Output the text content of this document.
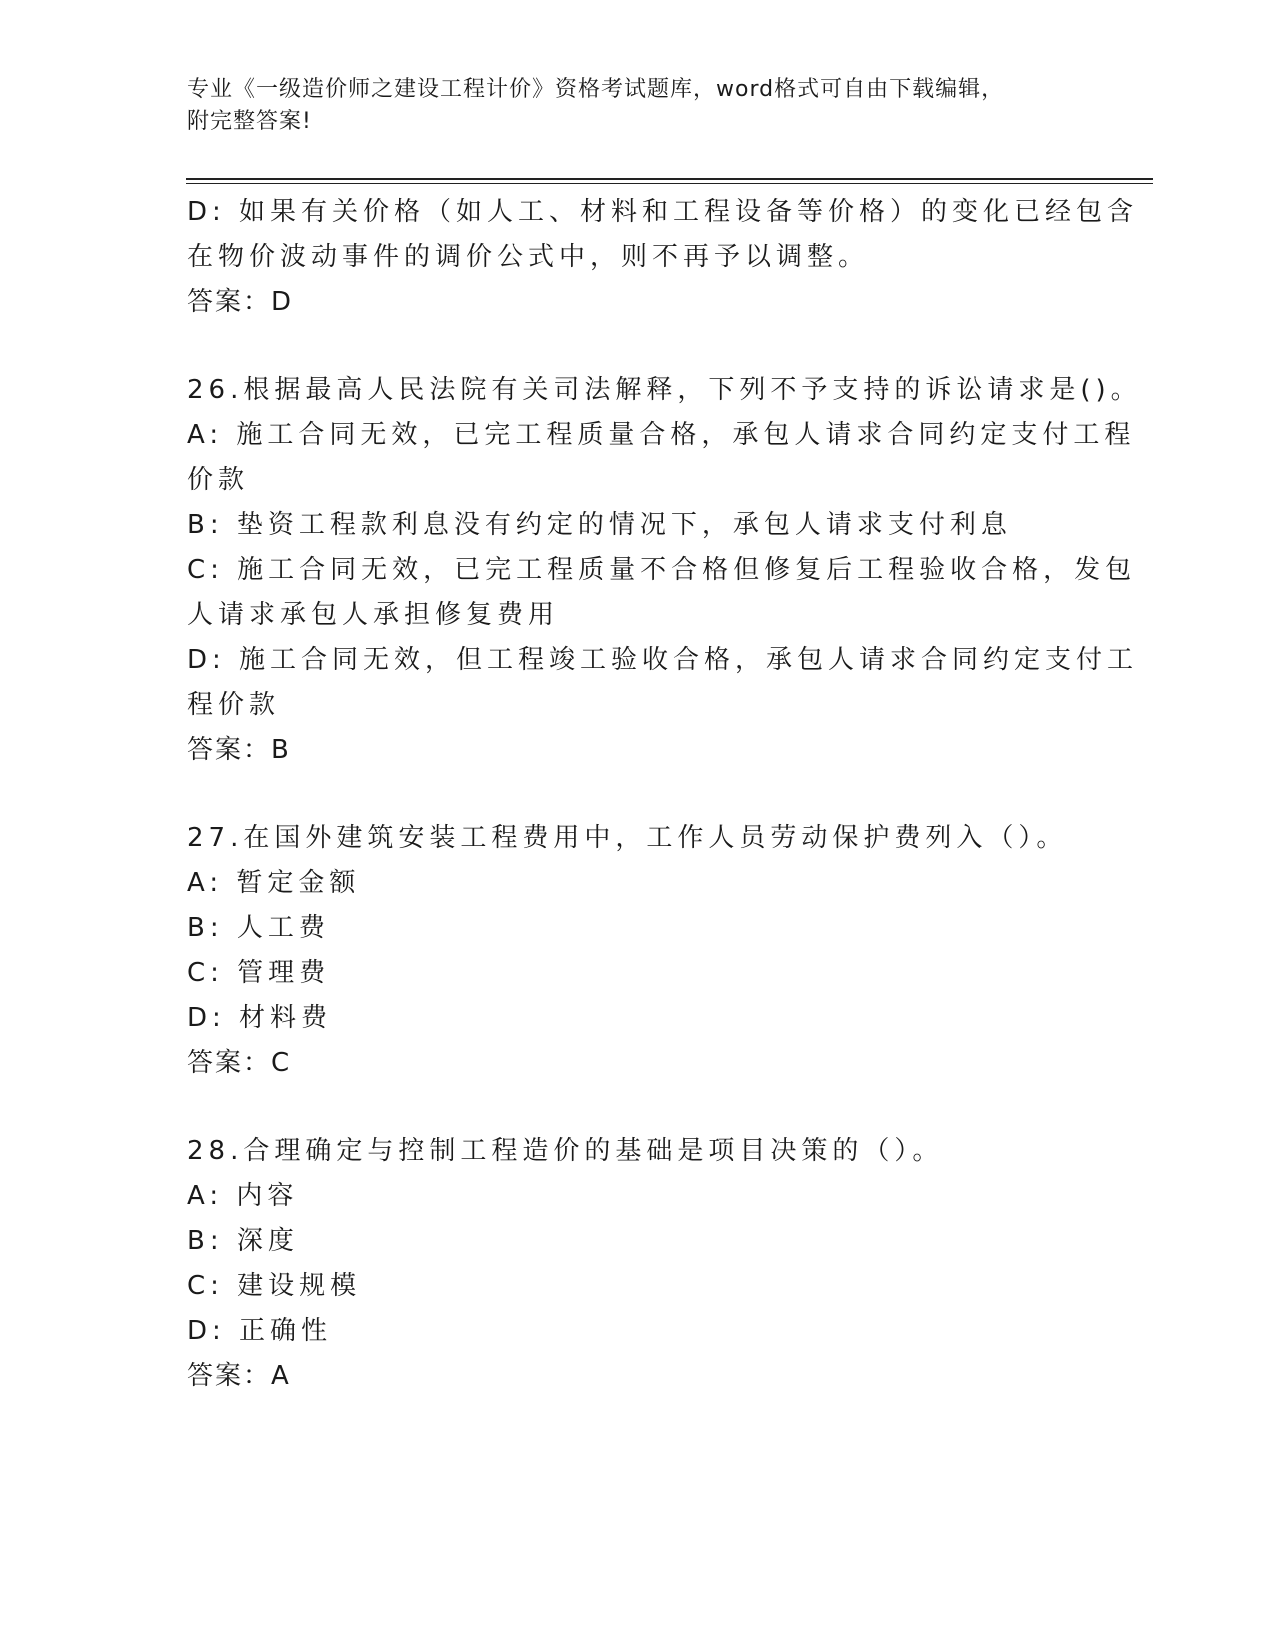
专业《一级造价师之建设工程计价》资格考试题库，word格式可自由下载编辑，
附完整答案!
D: 如果有关价格（如人工、材料和工程设备等价格）的变化已经包含
在物价波动事件的调价公式中，则不再予以调整。
答案：D
26.根据最高人民法院有关司法解释，下列不予支持的诉讼请求是()。
A: 施工合同无效，已完工程质量合格，承包人请求合同约定支付工程
价款
B: 垫资工程款利息没有约定的情况下，承包人请求支付利息
C: 施工合同无效，已完工程质量不合格但修复后工程验收合格，发包
人请求承包人承担修复费用
D: 施工合同无效，但工程竣工验收合格，承包人请求合同约定支付工
程价款
答案：B
27.在国外建筑安装工程费用中，工作人员劳动保护费列入（）。
A: 暂定金额
B: 人工费
C: 管理费
D: 材料费
答案：C
28.合理确定与控制工程造价的基础是项目决策的（）。
A: 内容
B: 深度
C: 建设规模
D: 正确性
答案：A
